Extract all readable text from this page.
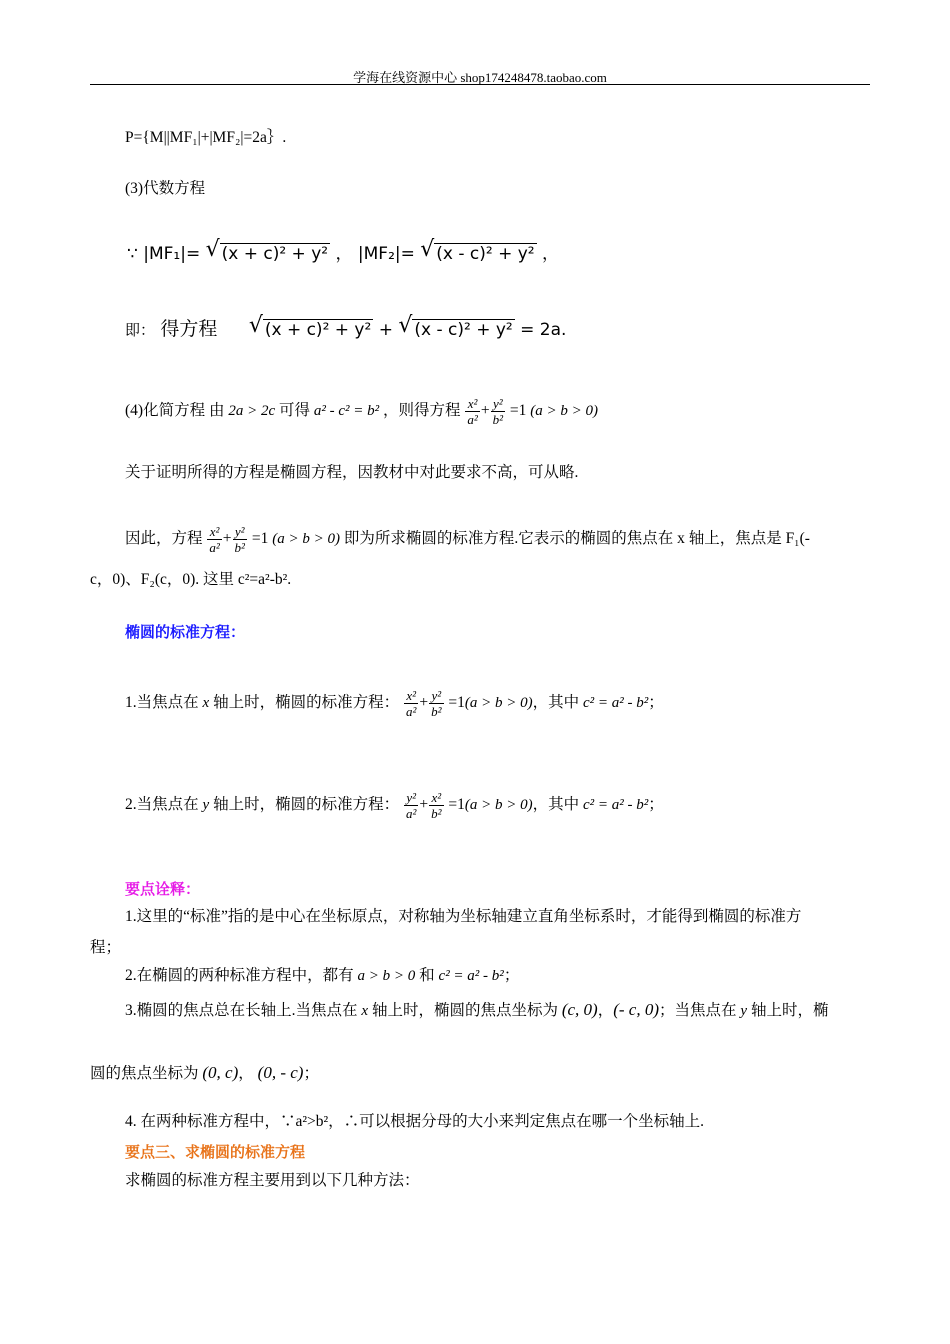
学海在线资源中心 shop174248478.taobao.com
P={M||MF₁|+|MF₂|=2a｝.
(3)代数方程
∵ |MF₁|= √ (x + c)² + y² ， |MF₂|= √ (x - c)² + y² ，
即： 得方程	√ (x + c)² + y² + √ (x - c)² + y² = 2a.
(4)化简方程 由 2a > 2c 可得 a² - c² = b² ，则得方程 $\frac{\text{x²}}{\text{a²}} + \frac{\text{y²}}{\text{b²}} =1$ (a > b > 0)
关于证明所得的方程是椭圆方程，因教材中对此要求不高，可从略.
因此，方程 $\frac{\text{x²}}{\text{a²}} + \frac{\text{y²}}{\text{b²}} =1$ (a > b > 0) 即为所求椭圆的标准方程.它表示的椭圆的焦点在 x 轴上，焦点是 F₁(-
c，0)、F₂(c，0). 这里 c²=a²-b².
椭圆的标准方程：
1.当焦点在 x 轴上时，椭圆的标准方程： $\frac{\text{x²}}{\text{a²}} + \frac{\text{y²}}{\text{b²}} =1(a > b > 0)$，其中 c² = a² - b²；
2.当焦点在 y 轴上时，椭圆的标准方程： $\frac{\text{y²}}{\text{a²}} + \frac{\text{x²}}{\text{b²}} =1(a > b > 0)$，其中 c² = a² - b²；
要点诠释：
1.这里的“标准”指的是中心在坐标原点，对称轴为坐标轴建立直角坐标系时，才能得到椭圆的标准方
程；
2.在椭圆的两种标准方程中，都有 a > b > 0 和 c² = a² - b²；
3.椭圆的焦点总在长轴上.当焦点在 x 轴上时，椭圆的焦点坐标为 (c, 0)，(- c, 0)；当焦点在 y 轴上时，椭
圆的焦点坐标为 (0, c)， (0, - c)；
4. 在两种标准方程中，∵a²>b²，∴可以根据分母的大小来判定焦点在哪一个坐标轴上.
要点三、求椭圆的标准方程
求椭圆的标准方程主要用到以下几种方法：
